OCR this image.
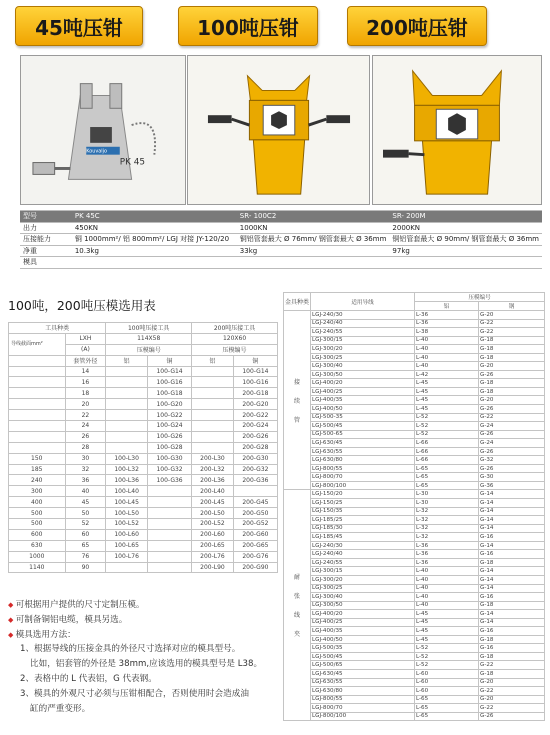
45吨压钳	100吨压钳	200吨压钳
Kouvaljo
PK 45
型号	PK 45C	SR- 100C2	SR- 200M
出力	450KN	1000KN	2000KN
压接能力	铜 1000mm²/ 铝 800mm²/ LGJ 对接 JY-120/20	铜铝管套最大 Ø 76mm/ 钢管套最大 Ø 36mm	铜铝管套最大 Ø 90mm/ 钢管套最大 Ø 36mm
净重	10.3kg	33kg	97kg
模具			
100吨，200吨压模选用表
工具种类		100吨压接工具		200吨压接工具	
导线截面mm²	LXH	114X58		120X60	
	(A)	压模编号		压模编号	
	套管外径	铝	铜	铝	铜
	14		100-G14		100-G14
	16		100-G16		100-G16
	18		100-G18		200-G18
	20		100-G20		200-G20
	22		100-G22		200-G22
	24		100-G24		200-G24
	26		100-G26		200-G26
	28		100-G28		200-G28
150	30	100-L30	100-G30	200-L30	200-G30
185	32	100-L32	100-G32	200-L32	200-G32
240	36	100-L36	100-G36	200-L36	200-G36
300	40	100-L40		200-L40	
400	45	100-L45		200-L45	200-G45
500	50	100-L50		200-L50	200-G50
500	52	100-L52		200-L52	200-G52
600	60	100-L60		200-L60	200-G60
630	65	100-L65		200-L65	200-G65
1000	76	100-L76		200-L76	200-G76
1140	90			200-L90	200-G90
金具种类	适用导线	压模编号	
		铝	钢

接
续
管	LGJ-240/30	L-36	G-20
	LGJ-240/40	L-36	G-22
	LGJ-240/55	L-38	G-22
	LGJ-300/15	L-40	G-18
	LGJ-300/20	L-40	G-18
	LGJ-300/25	L-40	G-18
	LGJ-300/40	L-40	G-20
	LGJ-300/50	L-42	G-26
	LGJ-400/20	L-45	G-18
	LGJ-400/25	L-45	G-18
	LGJ-400/35	L-45	G-20
	LGJ-400/50	L-45	G-26
	LGJ-500-35	L-52	G-22
	LGJ-500/45	L-52	G-24
	LGJ-500-65	L-52	G-26
	LGJ-630/45	L-66	G-24
	LGJ-630/55	L-66	G-26
	LGJ-630/80	L-66	G-32
	LGJ-800/55	L-65	G-26
	LGJ-800/70	L-65	G-30
	LGJ-800/100	L-65	G-36

耐
张
线
夹	LGJ-150/20	L-30	G-14
	LGJ-150/25	L-30	G-14
	LGJ-150/35	L-32	G-14
	LGJ-185/25	L-32	G-14
	LGJ-185/30	L-32	G-14
	LGJ-185/45	L-32	G-16
	LGJ-240/30	L-36	G-14
	LGJ-240/40	L-36	G-16
	LGJ-240/55	L-36	G-18
	LGJ-300/15	L-40	G-14
	LGJ-300/20	L-40	G-14
	LGJ-300/25	L-40	G-14
	LGJ-300/40	L-40	G-16
	LGJ-300/50	L-40	G-18
	LGJ-400/20	L-45	G-14
	LGJ-400/25	L-45	G-14
	LGJ-400/35	L-45	G-16
	LGJ-400/50	L-45	G-18
	LGJ-500/35	L-52	G-16
	LGJ-500/45	L-52	G-18
	LGJ-500/65	L-52	G-22
	LGJ-630/45	L-60	G-18
	LGJ-630/55	L-60	G-20
	LGJ-630/80	L-60	G-22
	LGJ-800/55	L-65	G-20
	LGJ-800/70	L-65	G-22
	LGJ-800/100	L-65	G-26
◆ 可根据用户提供的尺寸定制压模。
◆ 可制备铜铝电缆，模具另选。
◆ 模具选用方法：
1、根据导线的压接金具的外径尺寸选择对应的模具型号。
比如，铝套管的外径是 38mm,应该选用的模具型号是 L38。
2、表格中的 L 代表铝，G 代表钢。
3、模具的外观尺寸必须与压钳相配合，否则使用时会造成油
缸的严重变形。
